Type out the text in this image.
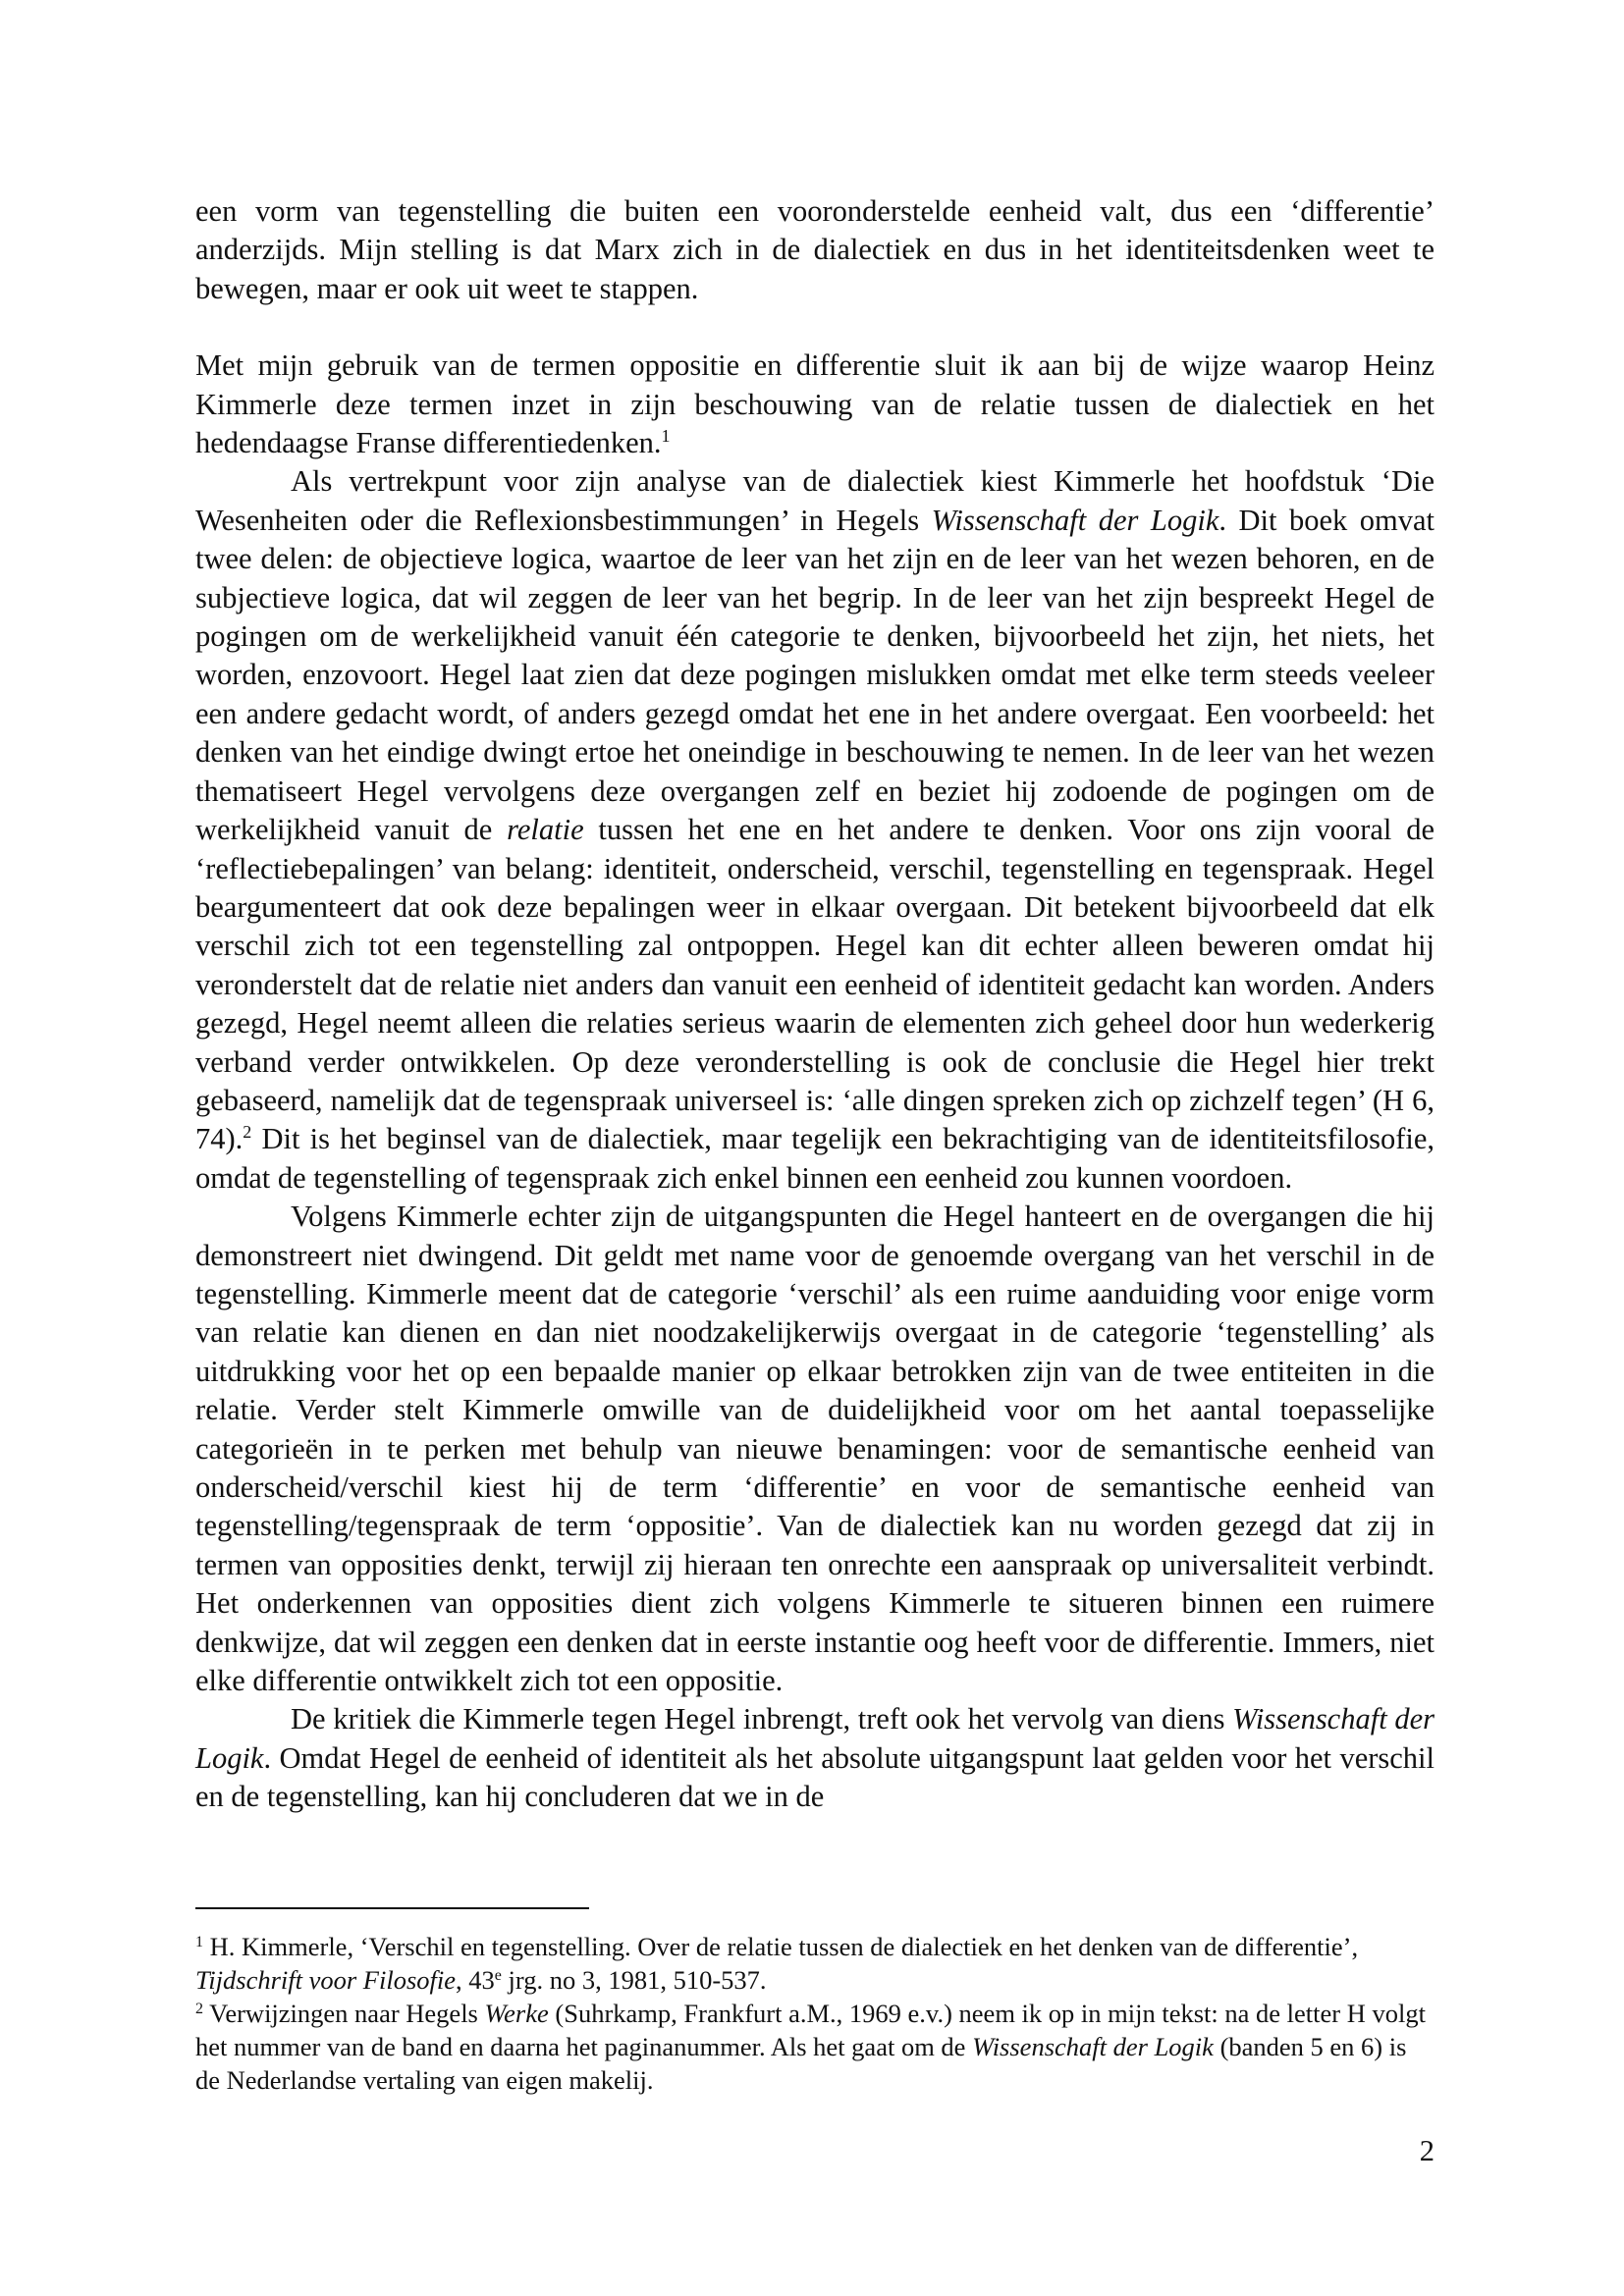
een vorm van tegenstelling die buiten een vooronderstelde eenheid valt, dus een ‘differentie’ anderzijds. Mijn stelling is dat Marx zich in de dialectiek en dus in het identiteitsdenken weet te bewegen, maar er ook uit weet te stappen.

Met mijn gebruik van de termen oppositie en differentie sluit ik aan bij de wijze waarop Heinz Kimmerle deze termen inzet in zijn beschouwing van de relatie tussen de dialectiek en het hedendaagse Franse differentiedenken.$^1$

Als vertrekpunt voor zijn analyse van de dialectiek kiest Kimmerle het hoofdstuk ‘Die Wesenheiten oder die Reflexionsbestimmungen’ in Hegels Wissenschaft der Logik. Dit boek omvat twee delen: de objectieve logica, waartoe de leer van het zijn en de leer van het wezen behoren, en de subjectieve logica, dat wil zeggen de leer van het begrip. In de leer van het zijn bespreekt Hegel de pogingen om de werkelijkheid vanuit één categorie te denken, bijvoorbeeld het zijn, het niets, het worden, enzovoort. Hegel laat zien dat deze pogingen mislukken omdat met elke term steeds veeleer een andere gedacht wordt, of anders gezegd omdat het ene in het andere overgaat. Een voorbeeld: het denken van het eindige dwingt ertoe het oneindige in beschouwing te nemen. In de leer van het wezen thematiseert Hegel vervolgens deze overgangen zelf en beziet hij zodoende de pogingen om de werkelijkheid vanuit de relatie tussen het ene en het andere te denken. Voor ons zijn vooral de ‘reflectiebepalingen’ van belang: identiteit, onderscheid, verschil, tegenstelling en tegenspraak. Hegel beargumenteert dat ook deze bepalingen weer in elkaar overgaan. Dit betekent bijvoorbeeld dat elk verschil zich tot een tegenstelling zal ontpoppen. Hegel kan dit echter alleen beweren omdat hij veronderstelt dat de relatie niet anders dan vanuit een eenheid of identiteit gedacht kan worden. Anders gezegd, Hegel neemt alleen die relaties serieus waarin de elementen zich geheel door hun wederkerig verband verder ontwikkelen. Op deze veronderstelling is ook de conclusie die Hegel hier trekt gebaseerd, namelijk dat de tegenspraak universeel is: ‘alle dingen spreken zich op zichzelf tegen’ (H 6, 74).$^2$ Dit is het beginsel van de dialectiek, maar tegelijk een bekrachtiging van de identiteitsfilosofie, omdat de tegenstelling of tegenspraak zich enkel binnen een eenheid zou kunnen voordoen.

Volgens Kimmerle echter zijn de uitgangspunten die Hegel hanteert en de overgangen die hij demonstreert niet dwingend. Dit geldt met name voor de genoemde overgang van het verschil in de tegenstelling. Kimmerle meent dat de categorie ‘verschil’ als een ruime aanduiding voor enige vorm van relatie kan dienen en dan niet noodzakelijkerwijs overgaat in de categorie ‘tegenstelling’ als uitdrukking voor het op een bepaalde manier op elkaar betrokken zijn van de twee entiteiten in die relatie. Verder stelt Kimmerle omwille van de duidelijkheid voor om het aantal toepasselijke categorieën in te perken met behulp van nieuwe benamingen: voor de semantische eenheid van onderscheid/verschil kiest hij de term ‘differentie’ en voor de semantische eenheid van tegenstelling/tegenspraak de term ‘oppositie’. Van de dialectiek kan nu worden gezegd dat zij in termen van opposities denkt, terwijl zij hieraan ten onrechte een aanspraak op universaliteit verbindt. Het onderkennen van opposities dient zich volgens Kimmerle te situeren binnen een ruimere denkwijze, dat wil zeggen een denken dat in eerste instantie oog heeft voor de differentie. Immers, niet elke differentie ontwikkelt zich tot een oppositie.

De kritiek die Kimmerle tegen Hegel inbrengt, treft ook het vervolg van diens Wissenschaft der Logik. Omdat Hegel de eenheid of identiteit als het absolute uitgangspunt laat gelden voor het verschil en de tegenstelling, kan hij concluderen dat we in de

$^1$ H. Kimmerle, ‘Verschil en tegenstelling. Over de relatie tussen de dialectiek en het denken van de differentie’, Tijdschrift voor Filosofie, 43e jrg. no 3, 1981, 510-537.

$^2$ Verwijzingen naar Hegels Werke (Suhrkamp, Frankfurt a.M., 1969 e.v.) neem ik op in mijn tekst: na de letter H volgt het nummer van de band en daarna het paginanummer. Als het gaat om de Wissenschaft der Logik (banden 5 en 6) is de Nederlandse vertaling van eigen makelij.

2
